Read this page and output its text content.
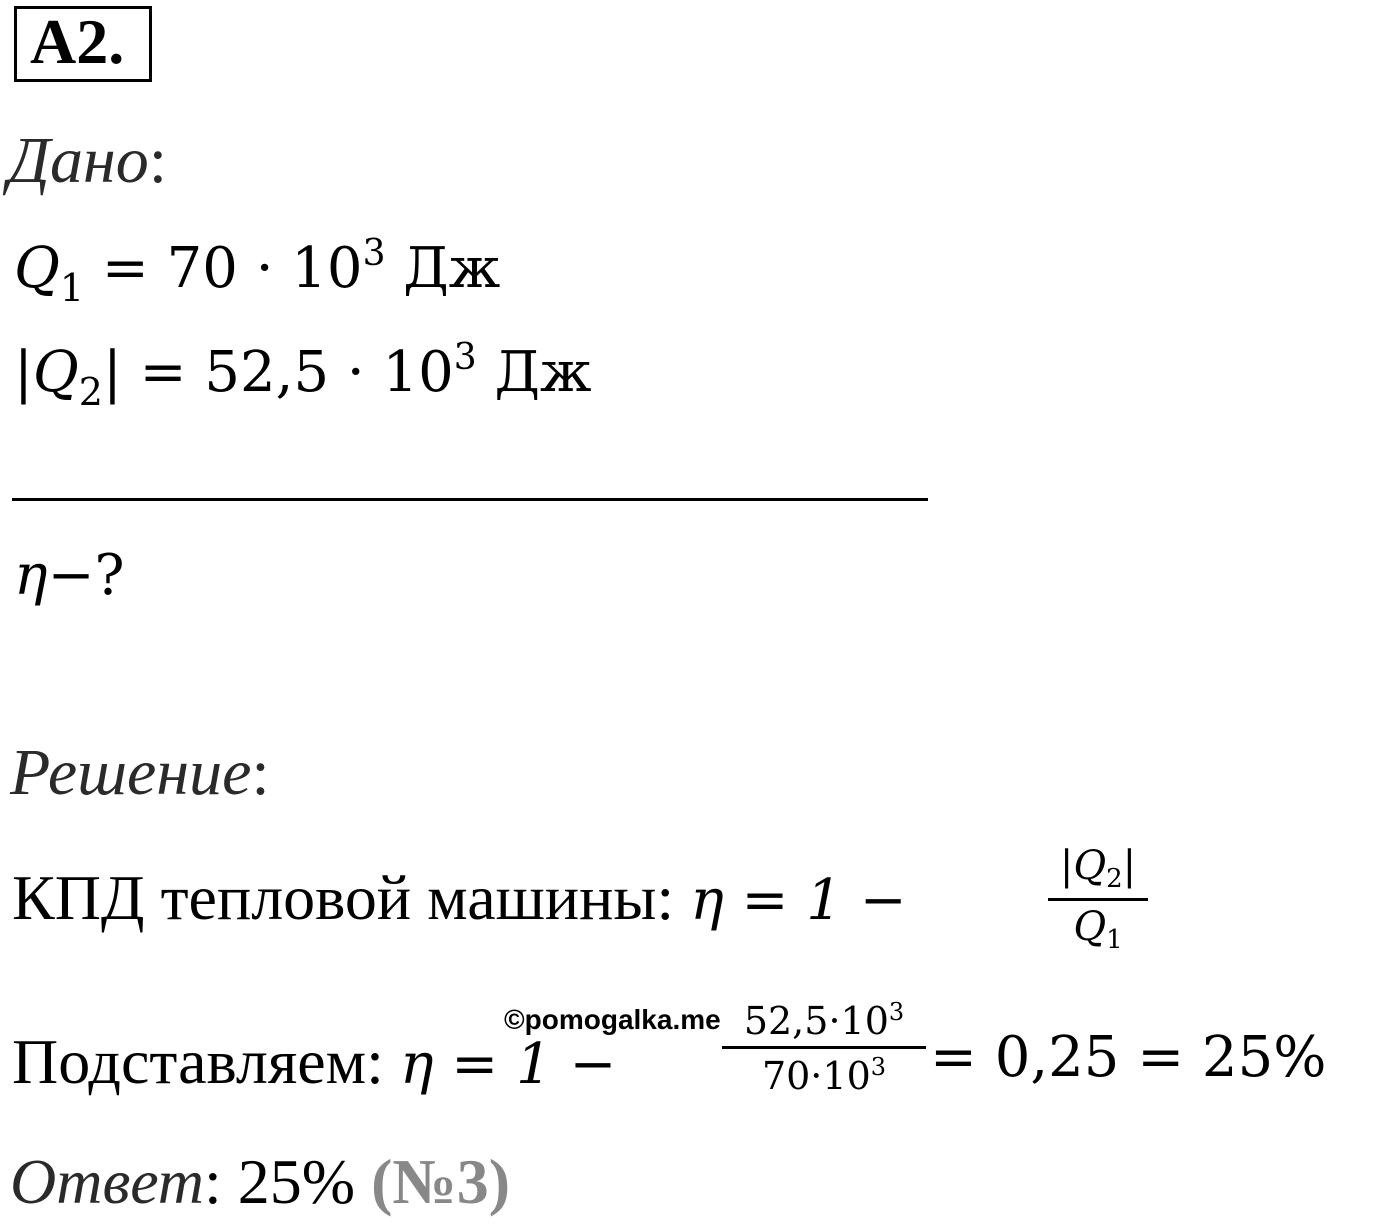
A2.
Дано:
$Q_1 = 70 \cdot 10^3$ Дж
$|Q_2| = 52,5 \cdot 10^3$ Дж
η−?
Решение:
КПД тепловой машины: η = 1 −
$|Q_2|$
$Q_1$
©pomogalka.me
Подставляем: η = 1 −
$52,5\cdot 10^3$
$70\cdot 10^3 = 0,25 = 25\%$
Ответ: 25% (№3)
